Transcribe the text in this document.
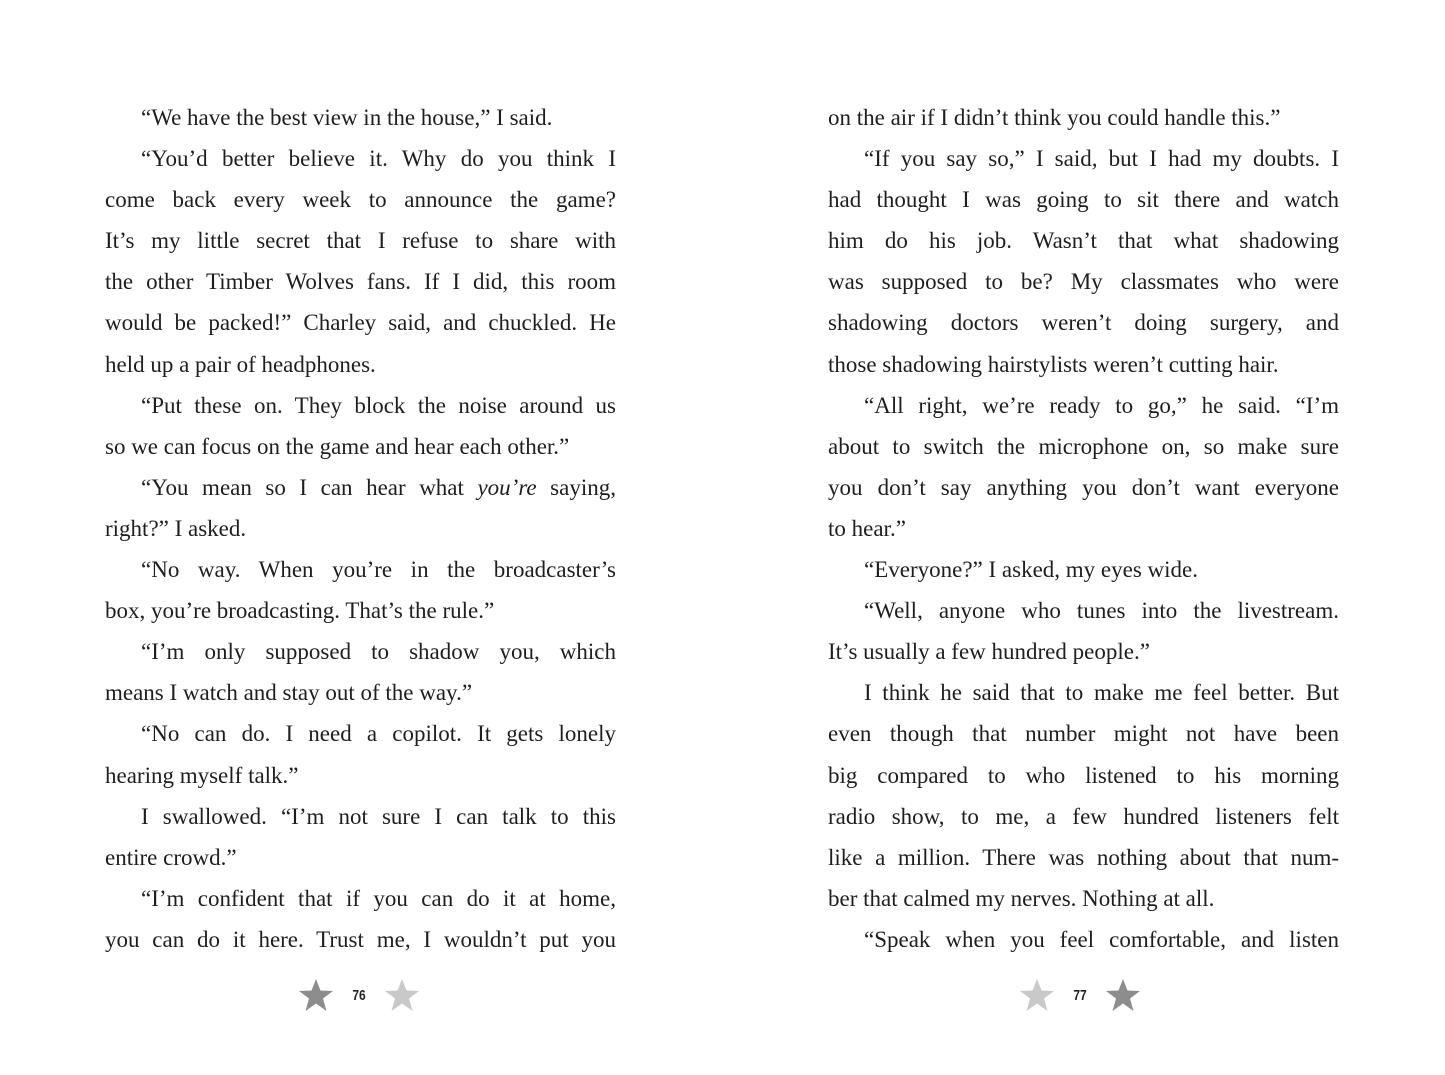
“We have the best view in the house,” I said.
“You’d better believe it. Why do you think I
come back every week to announce the game?
It’s my little secret that I refuse to share with
the other Timber Wolves fans. If I did, this room
would be packed!” Charley said, and chuckled. He
held up a pair of headphones.
“Put these on. They block the noise around us
so we can focus on the game and hear each other.”
“You mean so I can hear what you’re saying,
right?” I asked.
“No way. When you’re in the broadcaster’s
box, you’re broadcasting. That’s the rule.”
“I’m only supposed to shadow you, which
means I watch and stay out of the way.”
“No can do. I need a copilot. It gets lonely
hearing myself talk.”
I swallowed. “I’m not sure I can talk to this
entire crowd.”
“I’m confident that if you can do it at home,
you can do it here. Trust me, I wouldn’t put you
on the air if I didn’t think you could handle this.”
“If you say so,” I said, but I had my doubts. I
had thought I was going to sit there and watch
him do his job. Wasn’t that what shadowing
was supposed to be? My classmates who were
shadowing doctors weren’t doing surgery, and
those shadowing hairstylists weren’t cutting hair.
“All right, we’re ready to go,” he said. “I’m
about to switch the microphone on, so make sure
you don’t say anything you don’t want everyone
to hear.”
“Everyone?” I asked, my eyes wide.
“Well, anyone who tunes into the livestream.
It’s usually a few hundred people.”
I think he said that to make me feel better. But
even though that number might not have been
big compared to who listened to his morning
radio show, to me, a few hundred listeners felt
like a million. There was nothing about that num-
ber that calmed my nerves. Nothing at all.
“Speak when you feel comfortable, and listen
76	77
